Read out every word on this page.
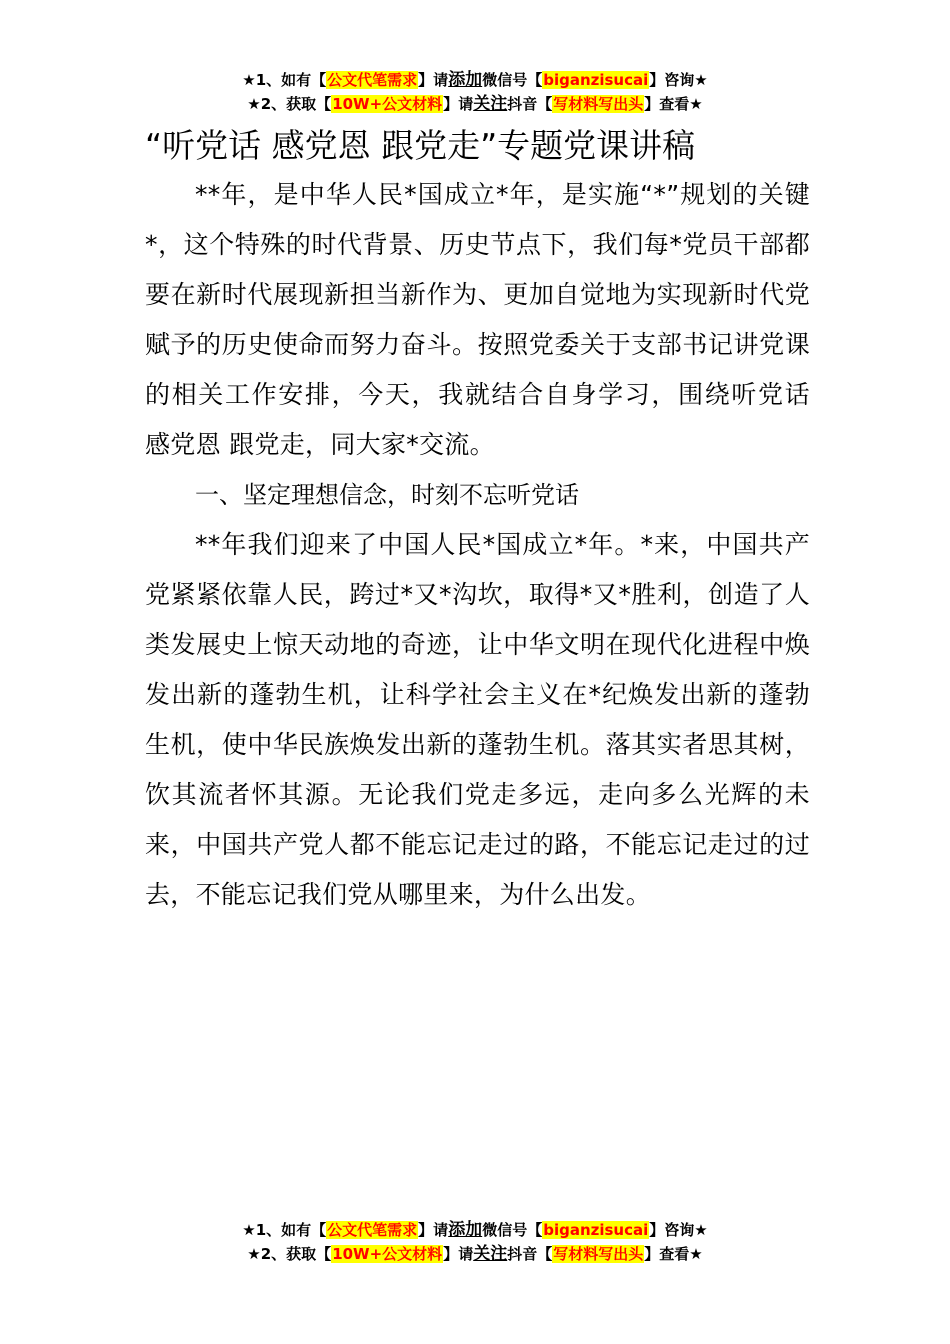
★1、如有【公文代笔需求】请添加微信号【biganzisucai】咨询★
★2、获取【10W+公文材料】请关注抖音【写材料写出头】查看★
“听党话 感党恩 跟党走”专题党课讲稿

**年，是中华人民*国成立*年，是实施“*”规划的关键*，这个特殊的时代背景、历史节点下，我们每*党员干部都要在新时代展现新担当新作为、更加自觉地为实现新时代党赋予的历史使命而努力奋斗。按照党委关于支部书记讲党课的相关工作安排，今天，我就结合自身学习，围绕听党话 感党恩 跟党走，同大家*交流。

一、坚定理想信念，时刻不忘听党话

**年我们迎来了中国人民*国成立*年。*来，中国共产党紧紧依靠人民，跨过*又*沟坎，取得*又*胜利，创造了人类发展史上惊天动地的奇迹，让中华文明在现代化进程中焕发出新的蓬勃生机，让科学社会主义在*纪焕发出新的蓬勃生机，使中华民族焕发出新的蓬勃生机。落其实者思其树，饮其流者怀其源。无论我们党走多远，走向多么光辉的未来，中国共产党人都不能忘记走过的路，不能忘记走过的过去，不能忘记我们党从哪里来，为什么出发。

★1、如有【公文代笔需求】请添加微信号【biganzisucai】咨询★
★2、获取【10W+公文材料】请关注抖音【写材料写出头】查看★
